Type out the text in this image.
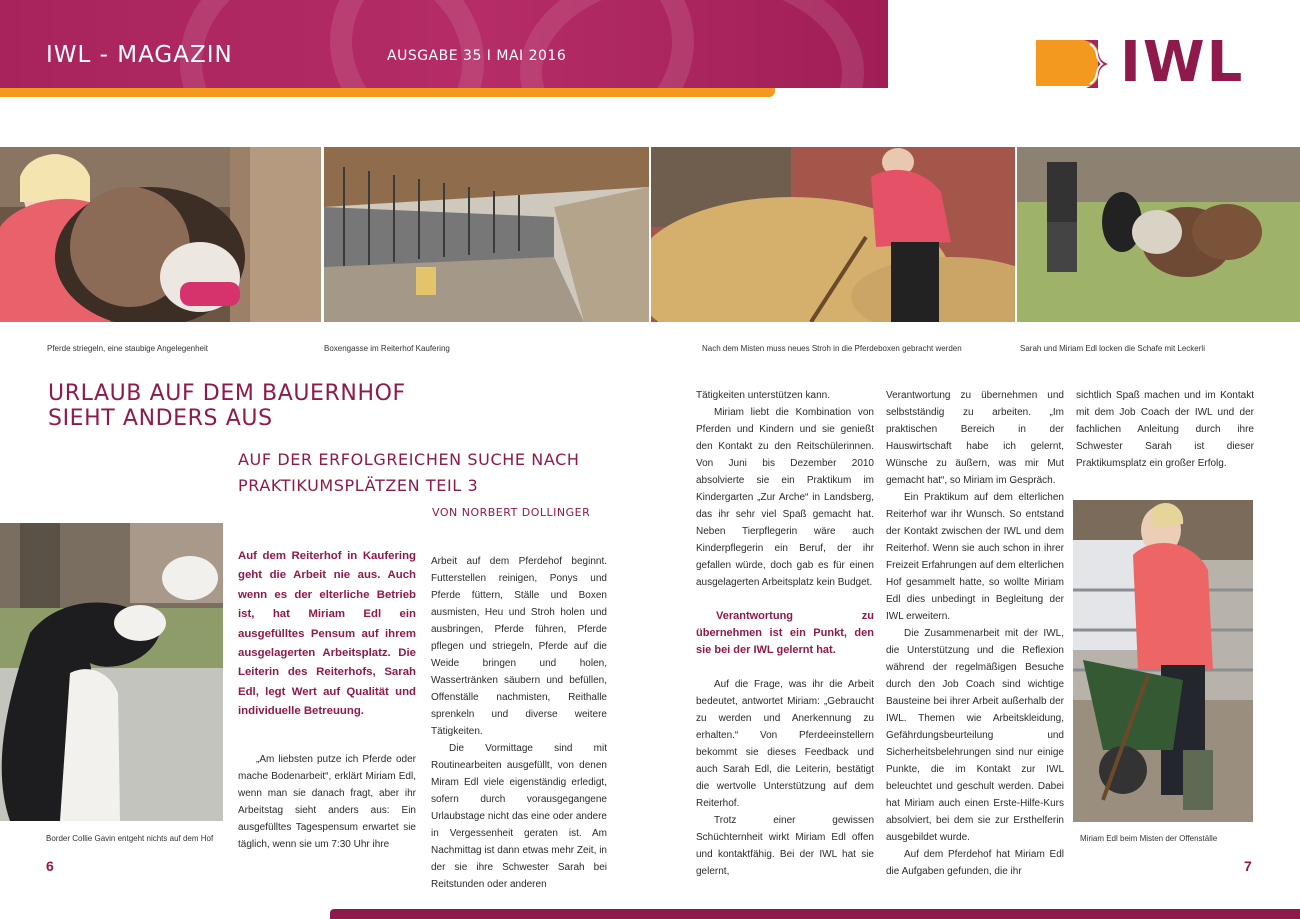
IWL - MAGAZIN	AUSGABE 35 I MAI 2016	IWL
Pferde striegeln, eine staubige Angelegenheit	Boxengasse im Reiterhof Kaufering	Nach dem Misten muss neues Stroh in die Pferdeboxen gebracht werden	Sarah und Miriam Edl locken die Schafe mit Leckerli
URLAUB AUF DEM BAUERNHOF
SIEHT ANDERS AUS
AUF DER ERFOLGREICHEN SUCHE NACH
PRAKTIKUMSPLÄTZEN TEIL 3
VON NORBERT DOLLINGER
Border Collie Gavin entgeht nichts auf dem Hof

Auf dem Reiterhof in Kaufering geht die Arbeit nie aus. Auch wenn es der elterliche Betrieb ist, hat Miriam Edl ein ausgefülltes Pensum auf ihrem ausgelagerten Arbeitsplatz. Die Leiterin des Reiterhofs, Sarah Edl, legt Wert auf Qualität und individuelle Betreuung.

„Am liebsten putze ich Pferde oder mache Bodenarbeit“, erklärt Miriam Edl, wenn man sie danach fragt, aber ihr Arbeitstag sieht anders aus: Ein ausgefülltes Tagespensum erwartet sie täglich, wenn sie um 7:30 Uhr ihre

Arbeit auf dem Pferdehof beginnt. Futterstellen reinigen, Ponys und Pferde füttern, Ställe und Boxen ausmisten, Heu und Stroh holen und ausbringen, Pferde führen, Pferde pflegen und striegeln, Pferde auf die Weide bringen und holen, Wassertränken säubern und befüllen, Offenställe nachmisten, Reithalle sprenkeln und diverse weitere Tätigkeiten.

Die Vormittage sind mit Routinearbeiten ausgefüllt, von denen Miram Edl viele eigenständig erledigt, sofern durch vorausgegangene Urlaubstage nicht das eine oder andere in Vergessenheit geraten ist. Am Nachmittag ist dann etwas mehr Zeit, in der sie ihre Schwester Sarah bei Reitstunden oder anderen

Tätigkeiten unterstützen kann.

Miriam liebt die Kombination von Pferden und Kindern und sie genießt den Kontakt zu den Reitschülerinnen. Von Juni bis Dezember 2010 absolvierte sie ein Praktikum im Kindergarten „Zur Arche“ in Landsberg, das ihr sehr viel Spaß gemacht hat. Neben Tierpflegerin wäre auch Kinderpflegerin ein Beruf, der ihr gefallen würde, doch gab es für einen ausgelagerten Arbeitsplatz kein Budget.

Verantwortung zu übernehmen ist ein Punkt, den sie bei der IWL gelernt hat.

Auf die Frage, was ihr die Arbeit bedeutet, antwortet Miriam: „Gebraucht zu werden und Anerkennung zu erhalten.“ Von Pferdeeinstellern bekommt sie dieses Feedback und auch Sarah Edl, die Leiterin, bestätigt die wertvolle Unterstützung auf dem Reiterhof.

Trotz einer gewissen Schüchternheit wirkt Miriam Edl offen und kontaktfähig. Bei der IWL hat sie gelernt,

Verantwortung zu übernehmen und selbstständig zu arbeiten. „Im praktischen Bereich in der Hauswirtschaft habe ich gelernt, Wünsche zu äußern, was mir Mut gemacht hat“, so Miriam im Gespräch.

Ein Praktikum auf dem elterlichen Reiterhof war ihr Wunsch. So entstand der Kontakt zwischen der IWL und dem Reiterhof. Wenn sie auch schon in ihrer Freizeit Erfahrungen auf dem elterlichen Hof gesammelt hatte, so wollte Miriam Edl dies unbedingt in Begleitung der IWL erweitern.

Die Zusammenarbeit mit der IWL, die Unterstützung und die Reflexion während der regelmäßigen Besuche durch den Job Coach sind wichtige Bausteine bei ihrer Arbeit außerhalb der IWL. Themen wie Arbeitskleidung, Gefährdungsbeurteilung und Sicherheitsbelehrungen sind nur einige Punkte, die im Kontakt zur IWL beleuchtet und geschult werden. Dabei hat Miriam auch einen Erste-Hilfe-Kurs absolviert, bei dem sie zur Ersthelferin ausgebildet wurde.

Auf dem Pferdehof hat Miriam Edl die Aufgaben gefunden, die ihr

sichtlich Spaß machen und im Kontakt mit dem Job Coach der IWL und der fachlichen Anleitung durch ihre Schwester Sarah ist dieser Praktikumsplatz ein großer Erfolg.

Miriam Edl beim Misten der Offenställe
6	7
